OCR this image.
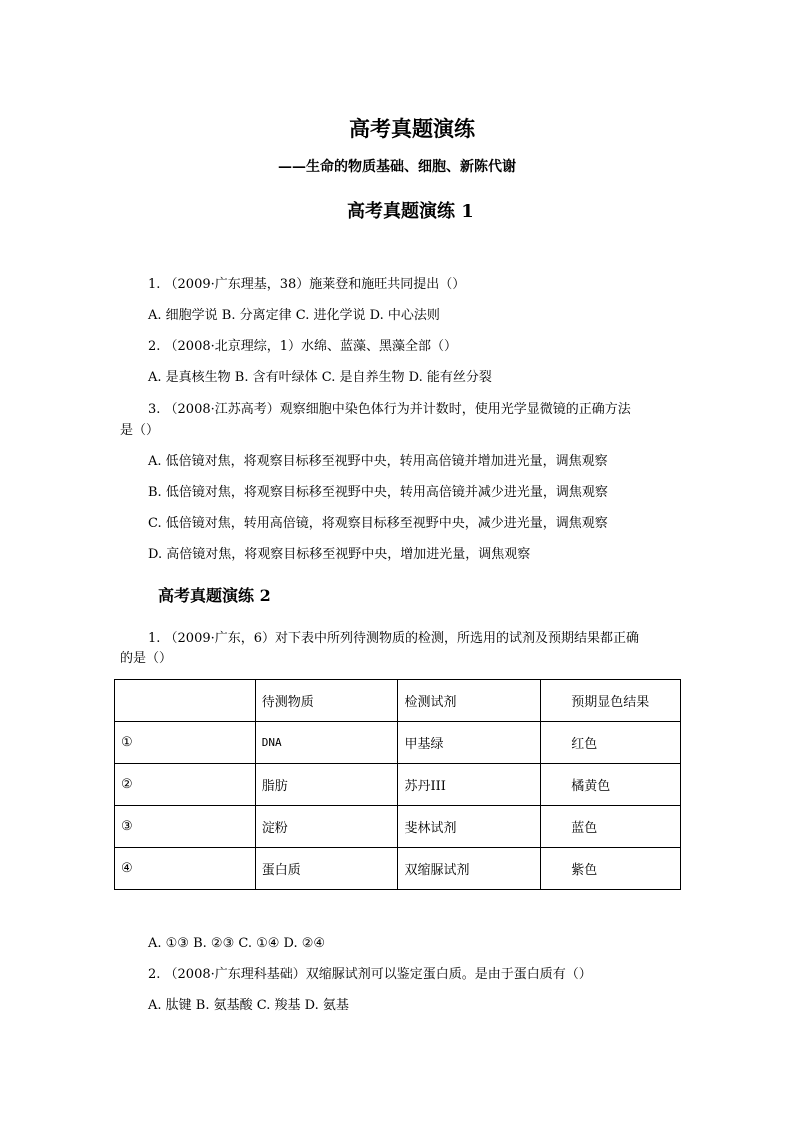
高考真题演练
——生命的物质基础、细胞、新陈代谢
高考真题演练 1
1. （2009·广东理基，38）施莱登和施旺共同提出（）
A. 细胞学说 B. 分离定律 C. 进化学说 D. 中心法则
2. （2008·北京理综，1）水绵、蓝藻、黑藻全部（）
A. 是真核生物 B. 含有叶绿体 C. 是自养生物 D. 能有丝分裂
3. （2008·江苏高考）观察细胞中染色体行为并计数时，使用光学显微镜的正确方法
是（）
A. 低倍镜对焦，将观察目标移至视野中央，转用高倍镜并增加进光量，调焦观察
B. 低倍镜对焦，将观察目标移至视野中央，转用高倍镜并减少进光量，调焦观察
C. 低倍镜对焦，转用高倍镜，将观察目标移至视野中央，减少进光量，调焦观察
D. 高倍镜对焦，将观察目标移至视野中央，增加进光量，调焦观察
高考真题演练 2
1. （2009·广东，6）对下表中所列待测物质的检测，所选用的试剂及预期结果都正确
的是（）
	待测物质	检测试剂	预期显色结果
①	DNA	甲基绿	红色
②	脂肪	苏丹III	橘黄色
③	淀粉	斐林试剂	蓝色
④	蛋白质	双缩脲试剂	紫色
A. ①③ B. ②③ C. ①④ D. ②④
2. （2008·广东理科基础）双缩脲试剂可以鉴定蛋白质。是由于蛋白质有（）
A. 肽键 B. 氨基酸 C. 羧基 D. 氨基
